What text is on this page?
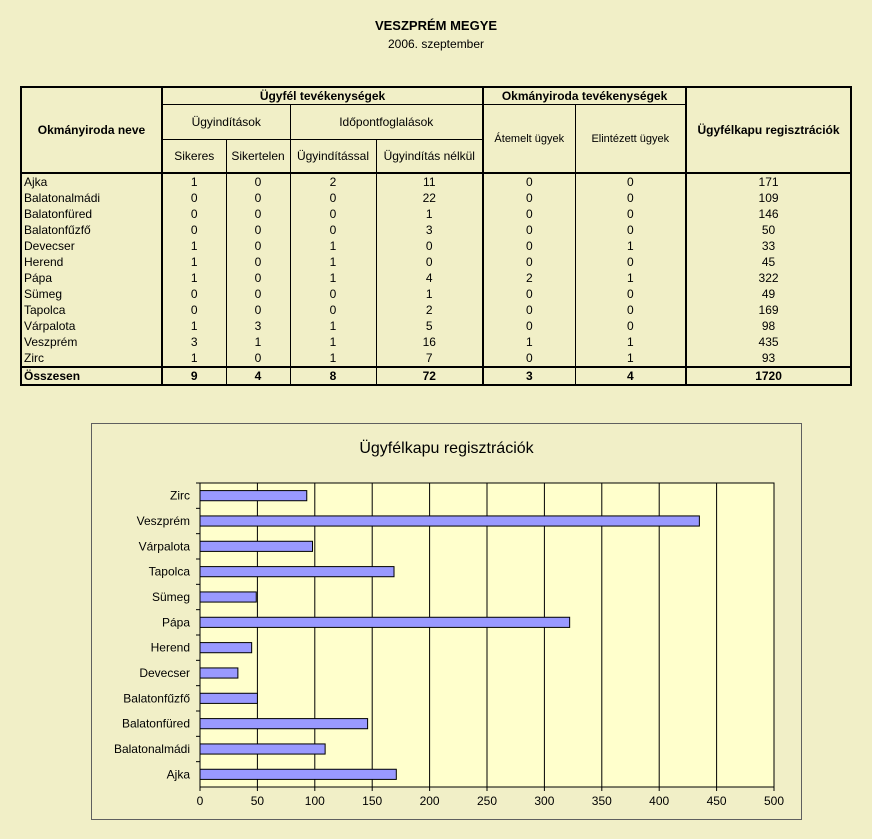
VESZPRÉM MEGYE
2006. szeptember
Okmányiroda neve	Ügyfél tevékenységek				Okmányiroda tevékenységek		Ügyfélkapu regisztrációk
	Ügyindítások		Időpontfoglalások		Átemelt ügyek	Elintézett ügyek	
	Sikeres	Sikertelen	Ügyindítással	Ügyindítás nélkül			
Ajka	1	0	2	11	0	0	171
Balatonalmádi	0	0	0	22	0	0	109
Balatonfüred	0	0	0	1	0	0	146
Balatonfűzfő	0	0	0	3	0	0	50
Devecser	1	0	1	0	0	1	33
Herend	1	0	1	0	0	0	45
Pápa	1	0	1	4	2	1	322
Sümeg	0	0	0	1	0	0	49
Tapolca	0	0	0	2	0	0	169
Várpalota	1	3	1	5	0	0	98
Veszprém	3	1	1	16	1	1	435
Zirc	1	0	1	7	0	1	93
Összesen	9	4	8	72	3	4	1720
Ügyfélkapu regisztrációk
0	50	100	150	200	250	300	350	400	450	500
Zirc
Veszprém
Várpalota
Tapolca
Sümeg
Pápa
Herend
Devecser
Balatonfűzfő
Balatonfüred
Balatonalmádi
Ajka
